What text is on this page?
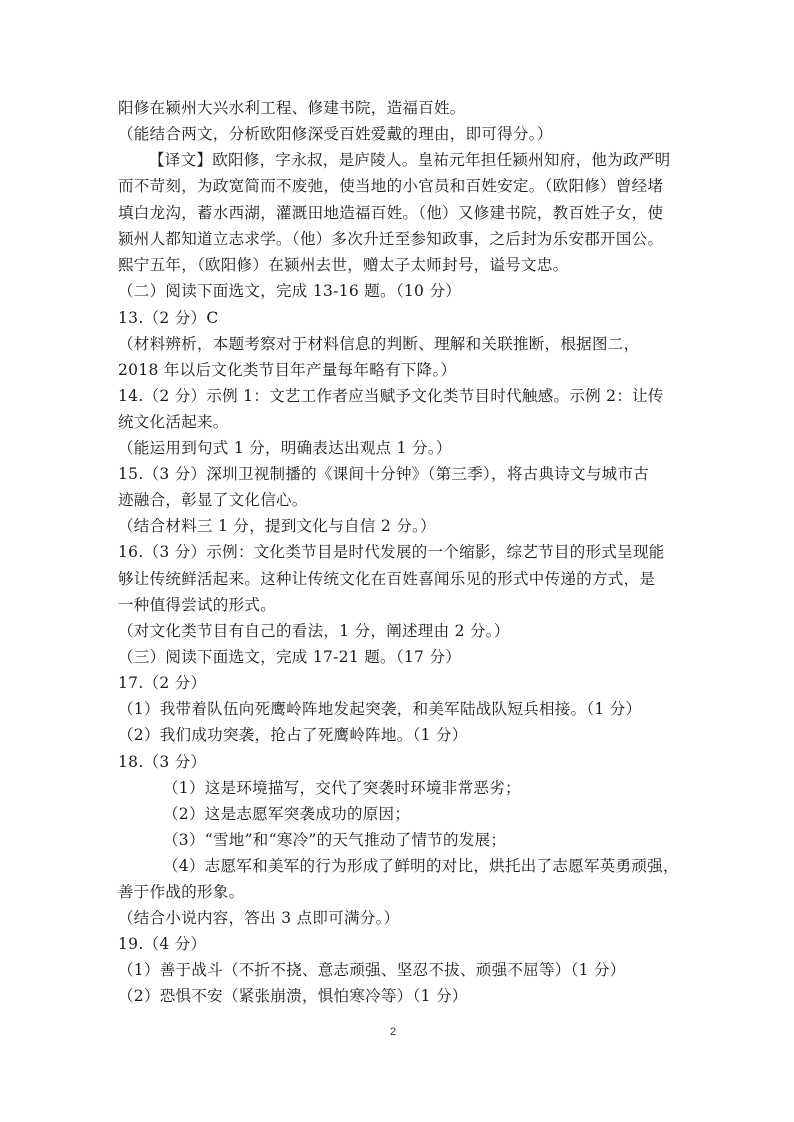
阳修在颍州大兴水利工程、修建书院，造福百姓。
（能结合两文，分析欧阳修深受百姓爱戴的理由，即可得分。）
【译文】欧阳修，字永叔，是庐陵人。皇祐元年担任颍州知府，他为政严明
而不苛刻，为政宽简而不废弛，使当地的小官员和百姓安定。（欧阳修）曾经堵
填白龙沟，蓄水西湖，灌溉田地造福百姓。（他）又修建书院，教百姓子女，使
颍州人都知道立志求学。（他）多次升迁至参知政事，之后封为乐安郡开国公。
熙宁五年，（欧阳修）在颍州去世，赠太子太师封号，谥号文忠。
（二）阅读下面选文，完成 13-16 题。（10 分）
13.（2 分）C
（材料辨析，本题考察对于材料信息的判断、理解和关联推断，根据图二，
2018 年以后文化类节目年产量每年略有下降。）
14.（2 分）示例 1：文艺工作者应当赋予文化类节目时代触感。示例 2：让传
统文化活起来。
（能运用到句式 1 分，明确表达出观点 1 分。）
15.（3 分）深圳卫视制播的《课间十分钟》（第三季），将古典诗文与城市古
迹融合，彰显了文化信心。
（结合材料三 1 分，提到文化与自信 2 分。）
16.（3 分）示例：文化类节目是时代发展的一个缩影，综艺节目的形式呈现能
够让传统鲜活起来。这种让传统文化在百姓喜闻乐见的形式中传递的方式，是
一种值得尝试的形式。
（对文化类节目有自己的看法，1 分，阐述理由 2 分。）
（三）阅读下面选文，完成 17-21 题。（17 分）
17.（2 分）
（1）我带着队伍向死鹰岭阵地发起突袭，和美军陆战队短兵相接。（1 分）
（2）我们成功突袭，抢占了死鹰岭阵地。（1 分）
18.（3 分）
（1）这是环境描写，交代了突袭时环境非常恶劣；
（2）这是志愿军突袭成功的原因；
（3）“雪地”和“寒冷”的天气推动了情节的发展；
（4）志愿军和美军的行为形成了鲜明的对比，烘托出了志愿军英勇顽强，
善于作战的形象。
（结合小说内容，答出 3 点即可满分。）
19.（4 分）
（1）善于战斗（不折不挠、意志顽强、坚忍不拔、顽强不屈等）（1 分）
（2）恐惧不安（紧张崩溃，惧怕寒冷等）（1 分）
2
